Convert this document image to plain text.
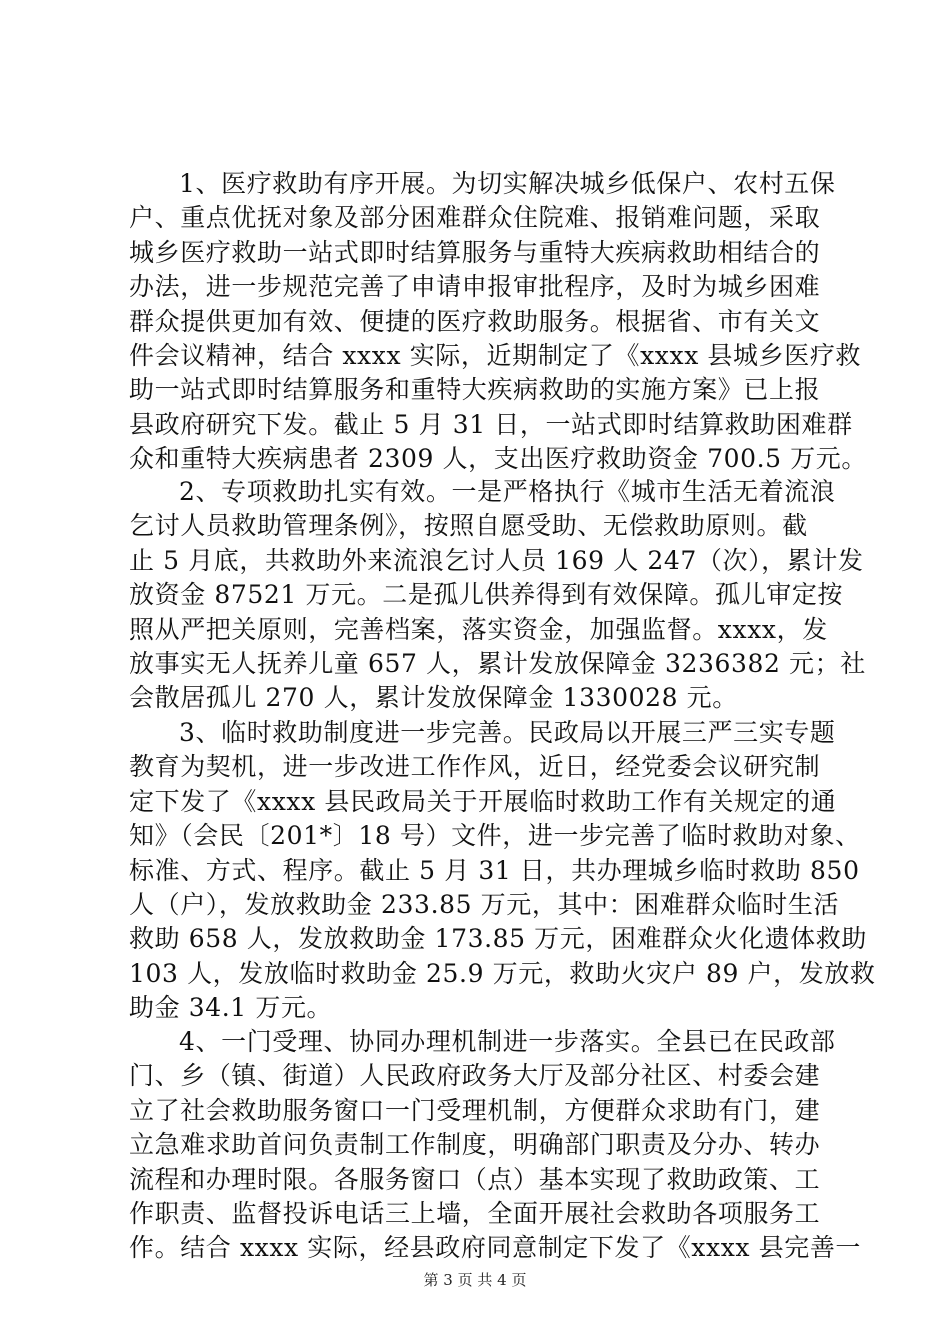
1、医疗救助有序开展。为切实解决城乡低保户、农村五保
户、重点优抚对象及部分困难群众住院难、报销难问题，采取
城乡医疗救助一站式即时结算服务与重特大疾病救助相结合的
办法，进一步规范完善了申请申报审批程序，及时为城乡困难
群众提供更加有效、便捷的医疗救助服务。根据省、市有关文
件会议精神，结合 xxxx 实际，近期制定了《xxxx 县城乡医疗救
助一站式即时结算服务和重特大疾病救助的实施方案》已上报
县政府研究下发。截止 5 月 31 日，一站式即时结算救助困难群
众和重特大疾病患者 2309 人，支出医疗救助资金 700.5 万元。
2、专项救助扎实有效。一是严格执行《城市生活无着流浪
乞讨人员救助管理条例》，按照自愿受助、无偿救助原则。截
止 5 月底，共救助外来流浪乞讨人员 169 人 247（次），累计发
放资金 87521 万元。二是孤儿供养得到有效保障。孤儿审定按
照从严把关原则，完善档案，落实资金，加强监督。xxxx，发
放事实无人抚养儿童 657 人，累计发放保障金 3236382 元；社
会散居孤儿 270 人，累计发放保障金 1330028 元。
3、临时救助制度进一步完善。民政局以开展三严三实专题
教育为契机，进一步改进工作作风，近日，经党委会议研究制
定下发了《xxxx 县民政局关于开展临时救助工作有关规定的通
知》（会民〔201*〕18 号）文件，进一步完善了临时救助对象、
标准、方式、程序。截止 5 月 31 日，共办理城乡临时救助 850
人（户），发放救助金 233.85 万元，其中：困难群众临时生活
救助 658 人，发放救助金 173.85 万元，困难群众火化遗体救助
103 人，发放临时救助金 25.9 万元，救助火灾户 89 户，发放救
助金 34.1 万元。
4、一门受理、协同办理机制进一步落实。全县已在民政部
门、乡（镇、街道）人民政府政务大厅及部分社区、村委会建
立了社会救助服务窗口一门受理机制，方便群众求助有门，建
立急难求助首问负责制工作制度，明确部门职责及分办、转办
流程和办理时限。各服务窗口（点）基本实现了救助政策、工
作职责、监督投诉电话三上墙，全面开展社会救助各项服务工
作。结合 xxxx 实际，经县政府同意制定下发了《xxxx 县完善一
第 3 页 共 4 页
